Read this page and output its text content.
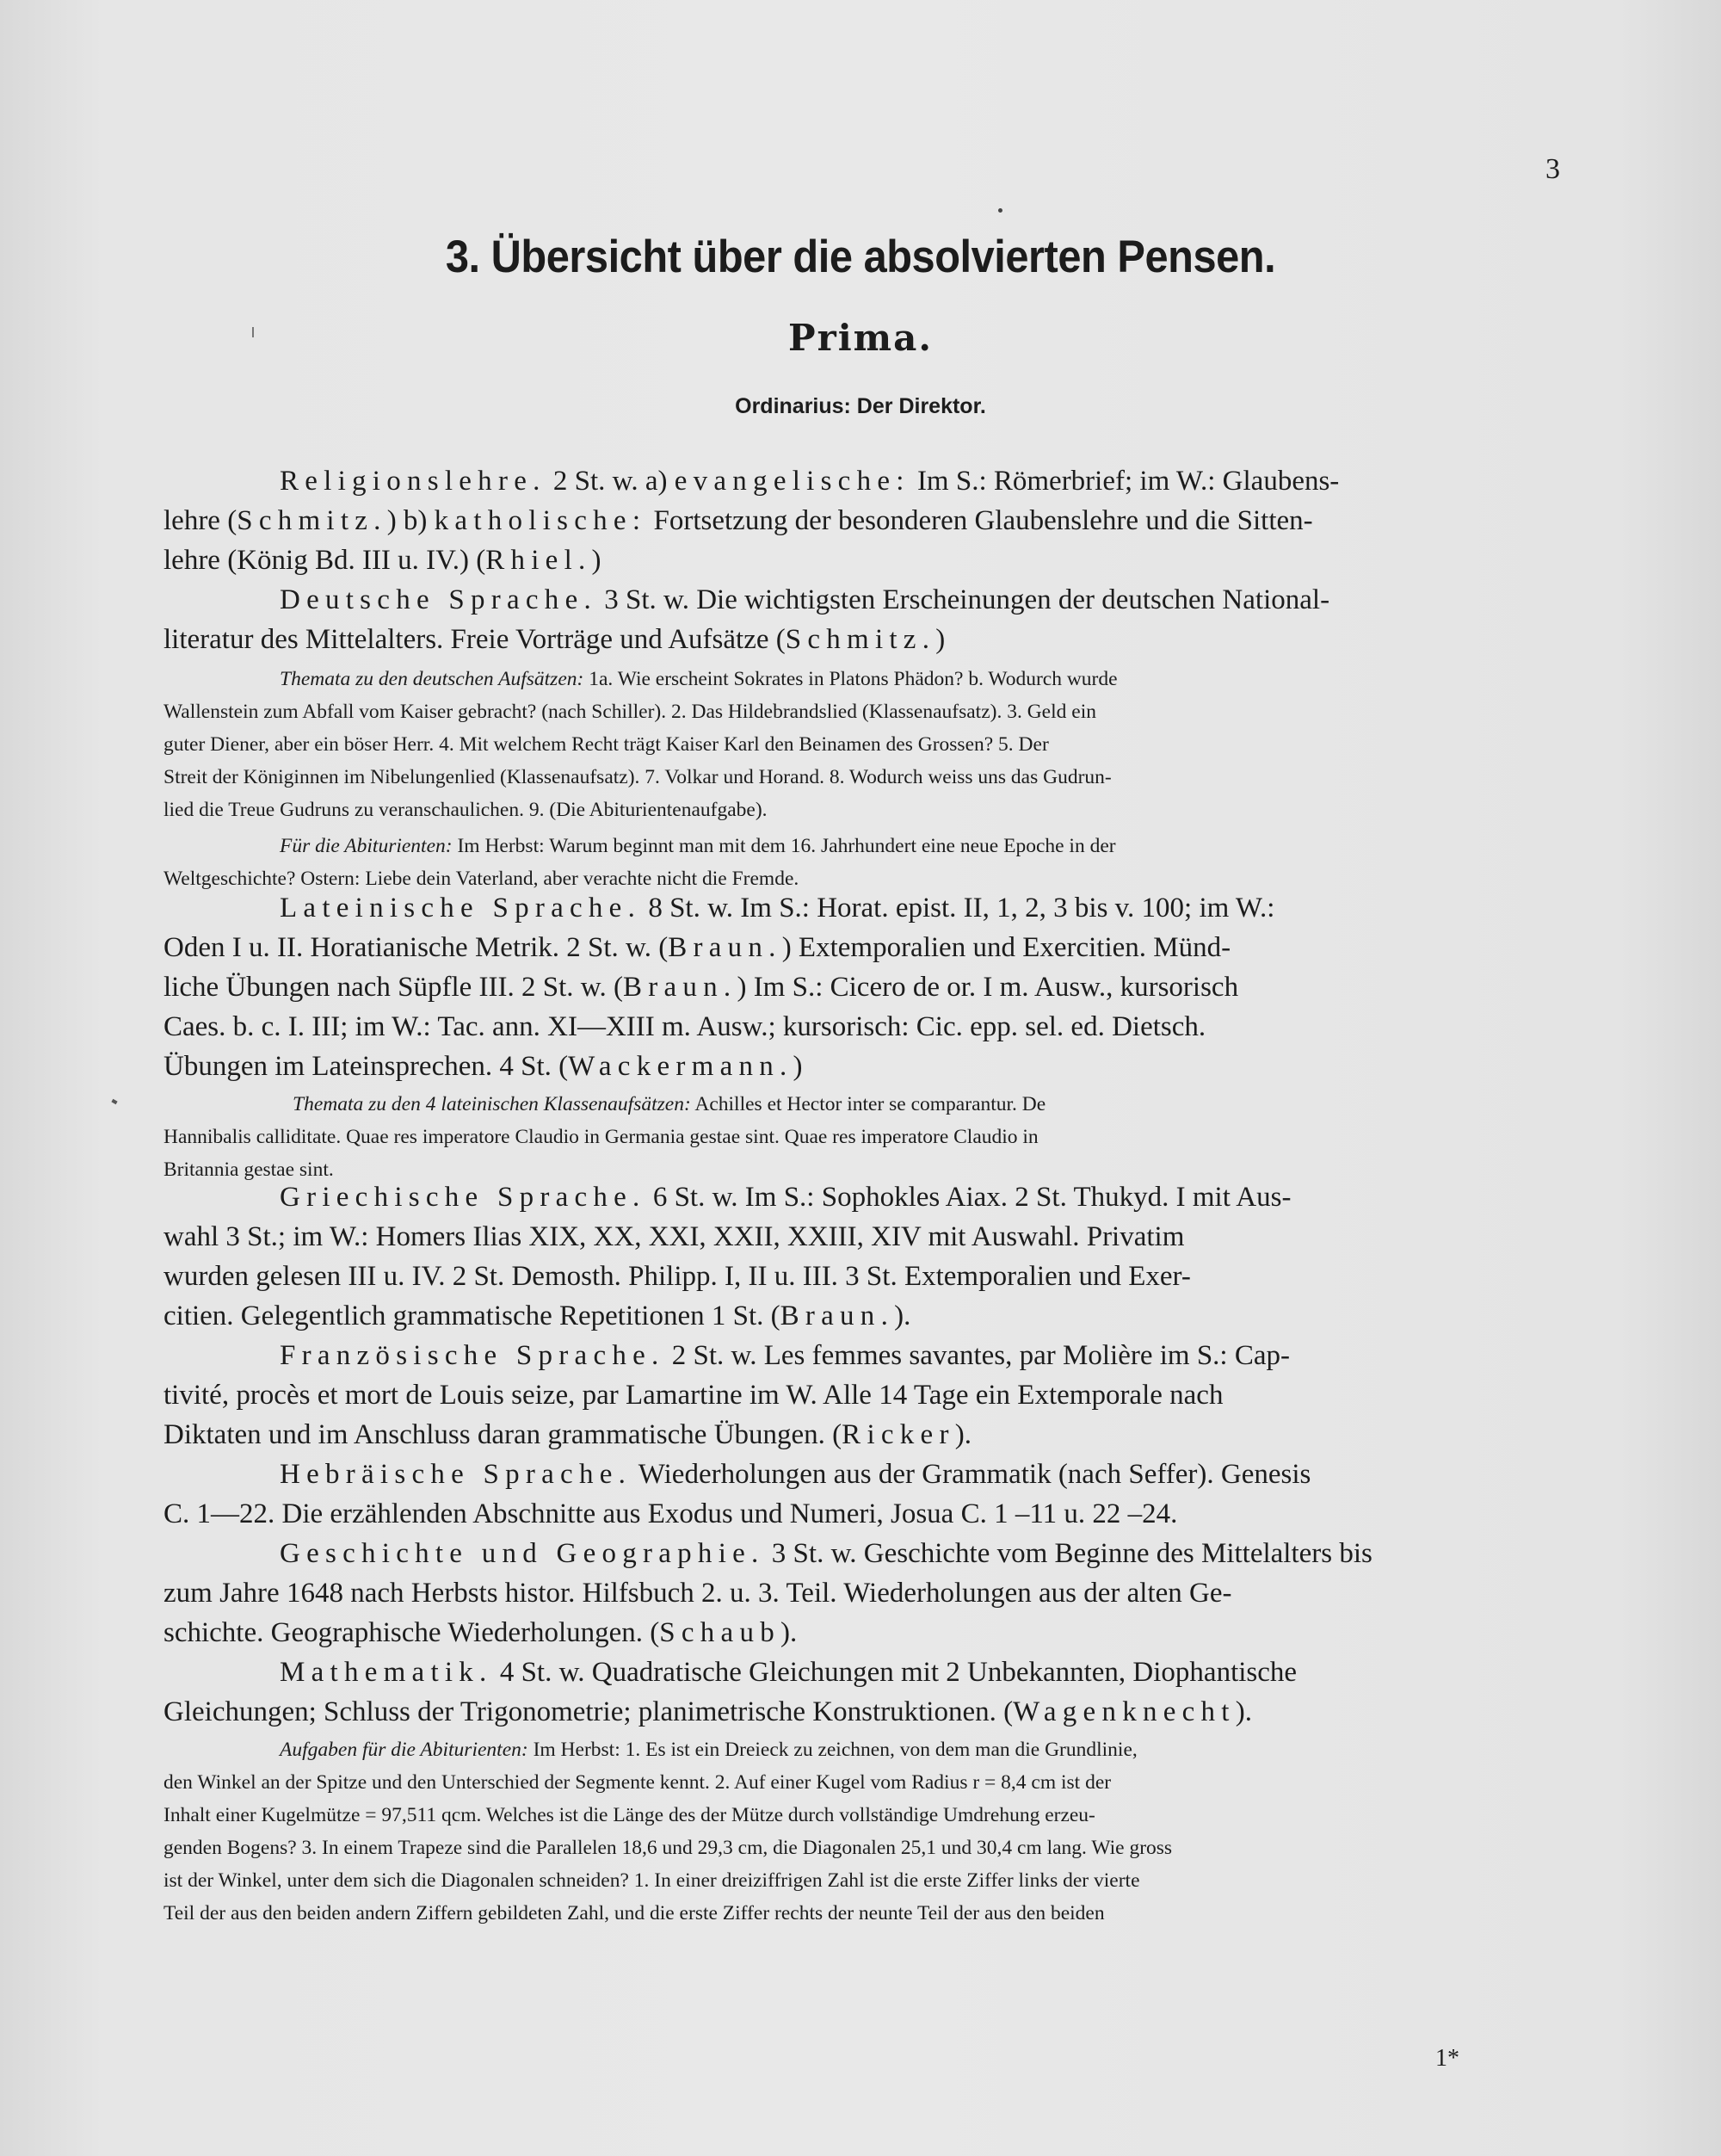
3
3. Übersicht über die absolvierten Pensen.
Prima.
Ordinarius: Der Direktor.

Religionslehre. 2 St. w. a) evangelische: Im S.: Römerbrief; im W.: Glaubens-
lehre (Schmitz.) b) katholische: Fortsetzung der besonderen Glaubenslehre und die Sitten-
lehre (König Bd. III u. IV.) (Rhiel.)

Deutsche Sprache. 3 St. w. Die wichtigsten Erscheinungen der deutschen National-
literatur des Mittelalters. Freie Vorträge und Aufsätze (Schmitz.)

Themata zu den deutschen Aufsätzen: 1a. Wie erscheint Sokrates in Platons Phädon? b. Wodurch wurde
Wallenstein zum Abfall vom Kaiser gebracht? (nach Schiller). 2. Das Hildebrandslied (Klassenaufsatz). 3. Geld ein
guter Diener, aber ein böser Herr. 4. Mit welchem Recht trägt Kaiser Karl den Beinamen des Grossen? 5. Der
Streit der Königinnen im Nibelungenlied (Klassenaufsatz). 7. Volkar und Horand. 8. Wodurch weiss uns das Gudrun-
lied die Treue Gudruns zu veranschaulichen. 9. (Die Abiturientenaufgabe).
Für die Abiturienten: Im Herbst: Warum beginnt man mit dem 16. Jahrhundert eine neue Epoche in der
Weltgeschichte? Ostern: Liebe dein Vaterland, aber verachte nicht die Fremde.

Lateinische Sprache. 8 St. w. Im S.: Horat. epist. II, 1, 2, 3 bis v. 100; im W.:
Oden I u. II. Horatianische Metrik. 2 St. w. (Braun.) Extemporalien und Exercitien. Münd-
liche Übungen nach Süpfle III. 2 St. w. (Braun.) Im S.: Cicero de or. I m. Ausw., kursorisch
Caes. b. c. I. III; im W.: Tac. ann. XI—XIII m. Ausw.; kursorisch: Cic. epp. sel. ed. Dietsch.
Übungen im Lateinsprechen. 4 St. (Wackermann.)

Themata zu den 4 lateinischen Klassenaufsätzen: Achilles et Hector inter se comparantur. De
Hannibalis calliditate. Quae res imperatore Claudio in Germania gestae sint. Quae res imperatore Claudio in
Britannia gestae sint.

Griechische Sprache. 6 St. w. Im S.: Sophokles Aiax. 2 St. Thukyd. I mit Aus-
wahl 3 St.; im W.: Homers Ilias XIX, XX, XXI, XXII, XXIII, XIV mit Auswahl. Privatim
wurden gelesen III u. IV. 2 St. Demosth. Philipp. I, II u. III. 3 St. Extemporalien und Exer-
citien. Gelegentlich grammatische Repetitionen 1 St. (Braun.).

Französische Sprache. 2 St. w. Les femmes savantes, par Molière im S.: Cap-
tivité, procès et mort de Louis seize, par Lamartine im W. Alle 14 Tage ein Extemporale nach
Diktaten und im Anschluss daran grammatische Übungen. (Ricker).

Hebräische Sprache. Wiederholungen aus der Grammatik (nach Seffer). Genesis
C. 1—22. Die erzählenden Abschnitte aus Exodus und Numeri, Josua C. 1 –11 u. 22 –24.

Geschichte und Geographie. 3 St. w. Geschichte vom Beginne des Mittelalters bis
zum Jahre 1648 nach Herbsts histor. Hilfsbuch 2. u. 3. Teil. Wiederholungen aus der alten Ge-
schichte. Geographische Wiederholungen. (Schaub).

Mathematik. 4 St. w. Quadratische Gleichungen mit 2 Unbekannten, Diophantische
Gleichungen; Schluss der Trigonometrie; planimetrische Konstruktionen. (Wagenknecht).

Aufgaben für die Abiturienten: Im Herbst: 1. Es ist ein Dreieck zu zeichnen, von dem man die Grundlinie,
den Winkel an der Spitze und den Unterschied der Segmente kennt. 2. Auf einer Kugel vom Radius r = 8,4 cm ist der
Inhalt einer Kugelmütze = 97,511 qcm. Welches ist die Länge des der Mütze durch vollständige Umdrehung erzeu-
genden Bogens? 3. In einem Trapeze sind die Parallelen 18,6 und 29,3 cm, die Diagonalen 25,1 und 30,4 cm lang. Wie gross
ist der Winkel, unter dem sich die Diagonalen schneiden? 1. In einer dreiziffrigen Zahl ist die erste Ziffer links der vierte
Teil der aus den beiden andern Ziffern gebildeten Zahl, und die erste Ziffer rechts der neunte Teil der aus den beiden

1*
